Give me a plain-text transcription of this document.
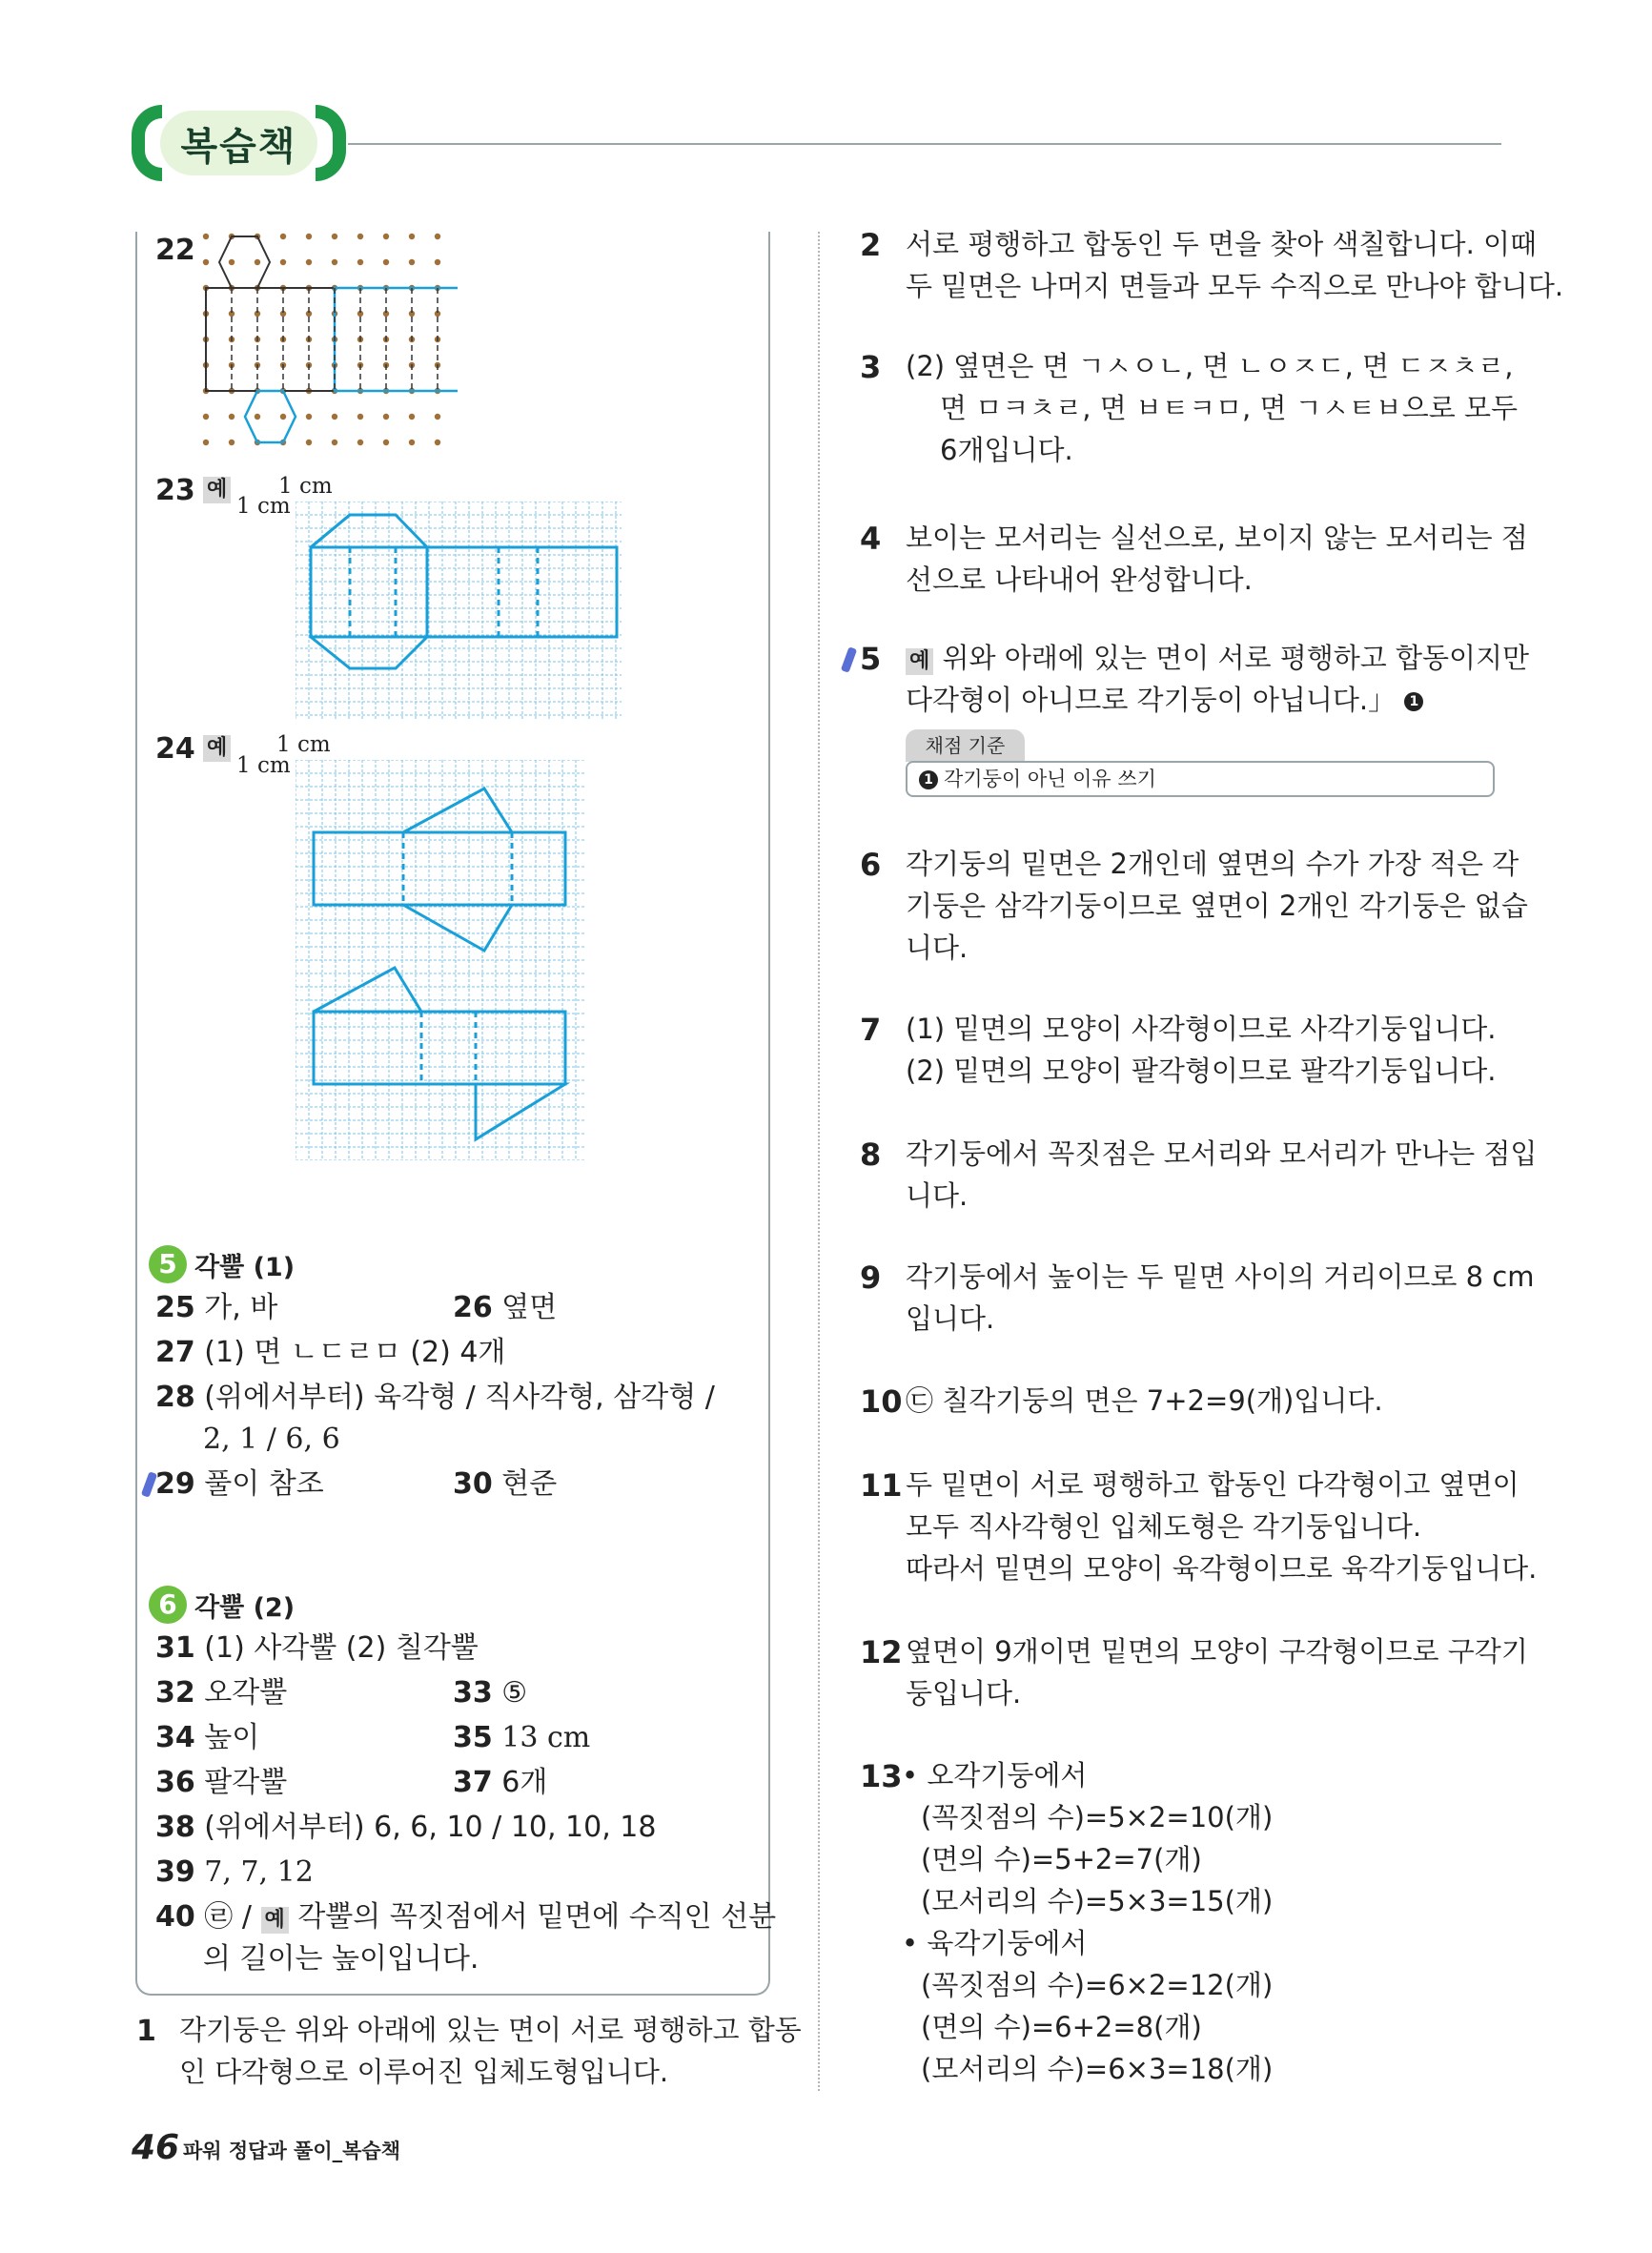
복습책
22
23 예 1 cm
1 cm
24 예 1 cm
1 cm
5 각뿔 (1)
25 가, 바	26 옆면
27 (1) 면 ㄴㄷㄹㅁ (2) 4개
28 (위에서부터) 육각형 / 직사각형, 삼각형 /
2, 1 / 6, 6
29 풀이 참조	30 현준
6 각뿔 (2)
31 (1) 사각뿔 (2) 칠각뿔
32 오각뿔	33 ⑤
34 높이	35 13 cm
36 팔각뿔	37 6개
38 (위에서부터) 6, 6, 10 / 10, 10, 18
39 7, 7, 12
40 ㉣ / 예 각뿔의 꼭짓점에서 밑면에 수직인 선분
의 길이는 높이입니다.
1 각기둥은 위와 아래에 있는 면이 서로 평행하고 합동
인 다각형으로 이루어진 입체도형입니다.
2 서로 평행하고 합동인 두 면을 찾아 색칠합니다. 이때
두 밑면은 나머지 면들과 모두 수직으로 만나야 합니다.
3 (2) 옆면은 면 ㄱㅅㅇㄴ, 면 ㄴㅇㅈㄷ, 면 ㄷㅈㅊㄹ,
면 ㅁㅋㅊㄹ, 면 ㅂㅌㅋㅁ, 면 ㄱㅅㅌㅂ으로 모두
6개입니다.
4 보이는 모서리는 실선으로, 보이지 않는 모서리는 점
선으로 나타내어 완성합니다.
5 예 위와 아래에 있는 면이 서로 평행하고 합동이지만
다각형이 아니므로 각기둥이 아닙니다.」 1
채점 기준
1 각기둥이 아닌 이유 쓰기
6 각기둥의 밑면은 2개인데 옆면의 수가 가장 적은 각
기둥은 삼각기둥이므로 옆면이 2개인 각기둥은 없습
니다.
7 (1) 밑면의 모양이 사각형이므로 사각기둥입니다.
(2) 밑면의 모양이 팔각형이므로 팔각기둥입니다.
8 각기둥에서 꼭짓점은 모서리와 모서리가 만나는 점입
니다.
9 각기둥에서 높이는 두 밑면 사이의 거리이므로 8 cm
입니다.
10 ㉢ 칠각기둥의 면은 7+2=9(개)입니다.
11 두 밑면이 서로 평행하고 합동인 다각형이고 옆면이
모두 직사각형인 입체도형은 각기둥입니다.
따라서 밑면의 모양이 육각형이므로 육각기둥입니다.
12 옆면이 9개이면 밑면의 모양이 구각형이므로 구각기
둥입니다.
13 • 오각기둥에서
(꼭짓점의 수)=5×2=10(개)
(면의 수)=5+2=7(개)
(모서리의 수)=5×3=15(개)
• 육각기둥에서
(꼭짓점의 수)=6×2=12(개)
(면의 수)=6+2=8(개)
(모서리의 수)=6×3=18(개)
46 파워 정답과 풀이_복습책
